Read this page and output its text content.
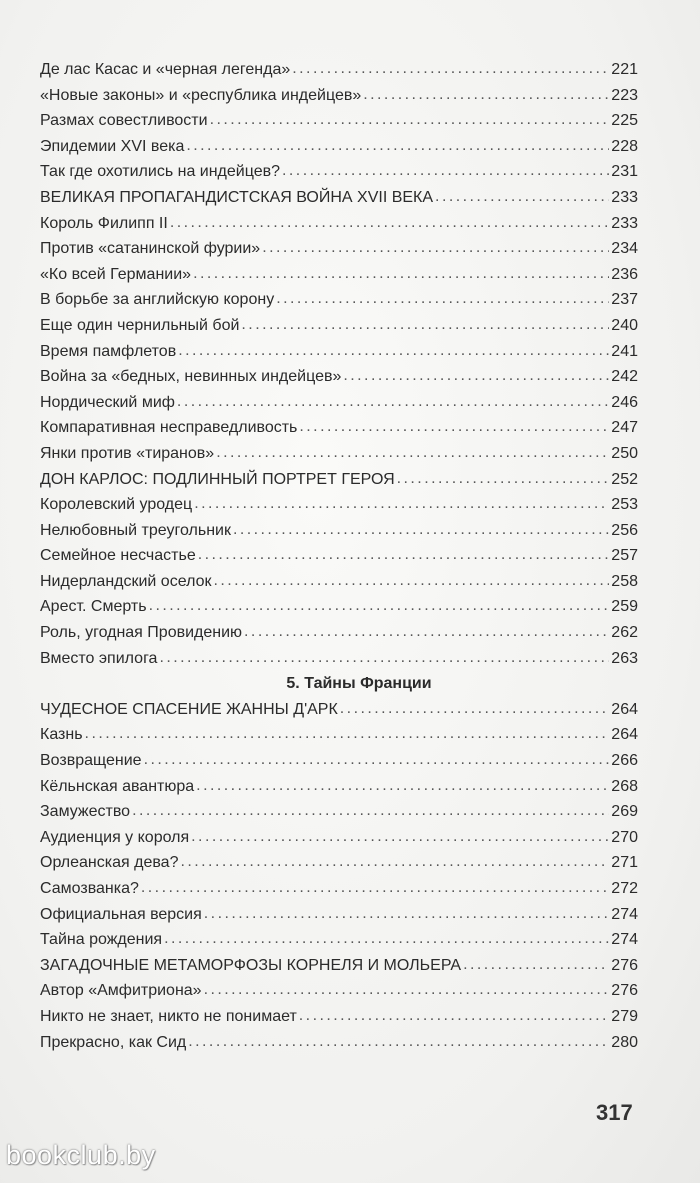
Де лас Касас и «черная легенда» . . .	221
«Новые законы» и «республика индейцев» . . .	223
Размах совестливости . . .	225
Эпидемии XVI века . . .	228
Так где охотились на индейцев? . . .	231
ВЕЛИКАЯ ПРОПАГАНДИСТСКАЯ ВОЙНА XVII ВЕКА . . .	233
Король Филипп II . . .	233
Против «сатанинской фурии» . . .	234
«Ко всей Германии» . . .	236
В борьбе за английскую корону . . .	237
Еще один чернильный бой . . .	240
Время памфлетов . . .	241
Война за «бедных, невинных индейцев» . . .	242
Нордический миф . . .	246
Компаративная несправедливость . . .	247
Янки против «тиранов» . . .	250
ДОН КАРЛОС: ПОДЛИННЫЙ ПОРТРЕТ ГЕРОЯ . . .	252
Королевский уродец . . .	253
Нелюбовный треугольник . . .	256
Семейное несчастье . . .	257
Нидерландский оселок . . .	258
Арест. Смерть . . .	259
Роль, угодная Провидению . . .	262
Вместо эпилога . . .	263
5. Тайны Франции
ЧУДЕСНОЕ СПАСЕНИЕ ЖАННЫ Д'АРК . . .	264
Казнь . . .	264
Возвращение . . .	266
Кёльнская авантюра . . .	268
Замужество . . .	269
Аудиенция у короля . . .	270
Орлеанская дева? . . .	271
Самозванка? . . .	272
Официальная версия . . .	274
Тайна рождения . . .	274
ЗАГАДОЧНЫЕ МЕТАМОРФОЗЫ КОРНЕЛЯ И МОЛЬЕРА . . .	276
Автор «Амфитриона» . . .	276
Никто не знает, никто не понимает . . .	279
Прекрасно, как Сид . . .	280
317
bookclub.by
